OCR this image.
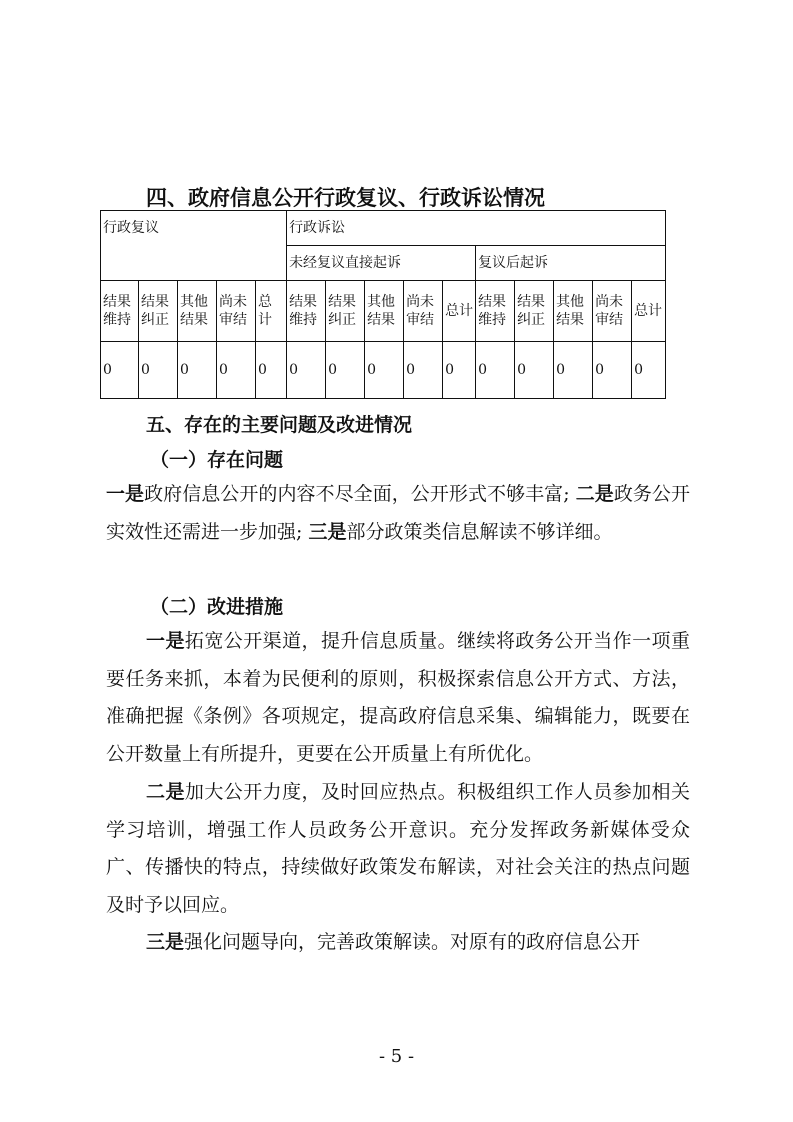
四、政府信息公开行政复议、行政诉讼情况
行政复议					行政诉讼									
					未经复议直接起诉					复议后起诉				
结果维持	结果纠正	其他结果	尚未审结	总计	结果维持	结果纠正	其他结果	尚未审结	总计	结果维持	结果纠正	其他结果	尚未审结	总计
0	0	0	0	0	0	0	0	0	0	0	0	0	0	0
五、存在的主要问题及改进情况
（一）存在问题
一是政府信息公开的内容不尽全面，公开形式不够丰富; 二是政务公开实效性还需进一步加强; 三是部分政策类信息解读不够详细。
（二）改进措施
一是拓宽公开渠道，提升信息质量。继续将政务公开当作一项重要任务来抓，本着为民便利的原则，积极探索信息公开方式、方法，准确把握《条例》各项规定，提高政府信息采集、编辑能力，既要在公开数量上有所提升，更要在公开质量上有所优化。
二是加大公开力度，及时回应热点。积极组织工作人员参加相关学习培训，增强工作人员政务公开意识。充分发挥政务新媒体受众广、传播快的特点，持续做好政策发布解读，对社会关注的热点问题及时予以回应。
三是强化问题导向，完善政策解读。对原有的政府信息公开
- 5 -
